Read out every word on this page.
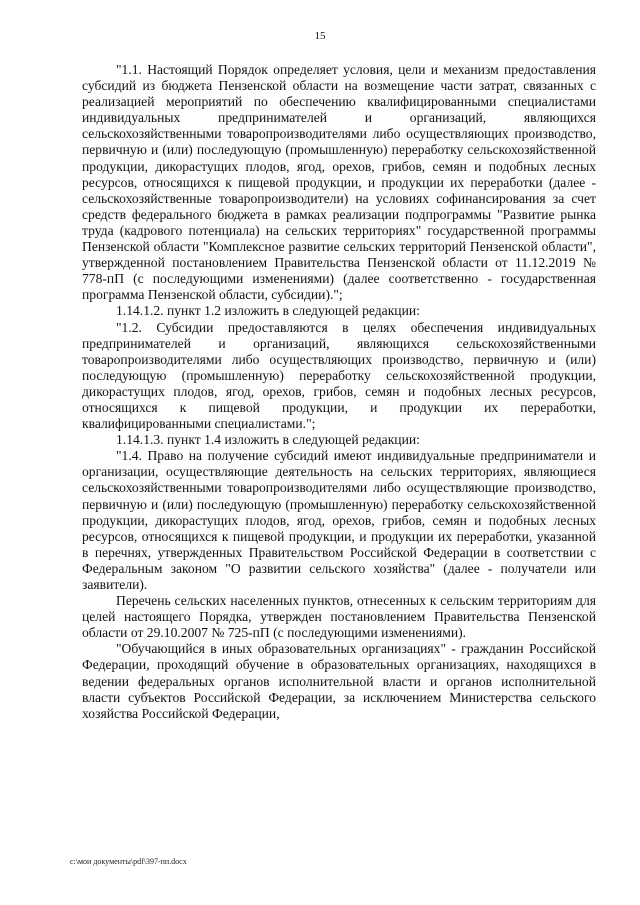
15

"1.1. Настоящий Порядок определяет условия, цели и механизм предоставления субсидий из бюджета Пензенской области на возмещение части затрат, связанных с реализацией мероприятий по обеспечению квалифицированными специалистами индивидуальных предпринимателей и организаций, являющихся сельскохозяйственными товаропроизводителями либо осуществляющих производство, первичную и (или) последующую (промышленную) переработку сельскохозяйственной продукции, дикорастущих плодов, ягод, орехов, грибов, семян и подобных лесных ресурсов, относящихся к пищевой продукции, и продукции их переработки (далее - сельскохозяйственные товаропроизводители) на условиях софинансирования за счет средств федерального бюджета в рамках реализации подпрограммы "Развитие рынка труда (кадрового потенциала) на сельских территориях" государственной программы Пензенской области "Комплексное развитие сельских территорий Пензенской области", утвержденной постановлением Правительства Пензенской области от 11.12.2019 № 778-пП (с последующими изменениями) (далее соответственно - государственная программа Пензенской области, субсидии).";

1.14.1.2. пункт 1.2 изложить в следующей редакции:

"1.2. Субсидии предоставляются в целях обеспечения индивидуальных предпринимателей и организаций, являющихся сельскохозяйственными товаропроизводителями либо осуществляющих производство, первичную и (или) последующую (промышленную) переработку сельскохозяйственной продукции, дикорастущих плодов, ягод, орехов, грибов, семян и подобных лесных ресурсов, относящихся к пищевой продукции, и продукции их переработки, квалифицированными специалистами.";

1.14.1.3. пункт 1.4 изложить в следующей редакции:

"1.4. Право на получение субсидий имеют индивидуальные предприниматели и организации, осуществляющие деятельность на сельских территориях, являющиеся сельскохозяйственными товаропроизводителями либо осуществляющие производство, первичную и (или) последующую (промышленную) переработку сельскохозяйственной продукции, дикорастущих плодов, ягод, орехов, грибов, семян и подобных лесных ресурсов, относящихся к пищевой продукции, и продукции их переработки, указанной в перечнях, утвержденных Правительством Российской Федерации в соответствии с Федеральным законом "О развитии сельского хозяйства" (далее - получатели или заявители).

Перечень сельских населенных пунктов, отнесенных к сельским территориям для целей настоящего Порядка, утвержден постановлением Правительства Пензенской области от 29.10.2007 № 725-пП (с последующими изменениями).

"Обучающийся в иных образовательных организациях" - гражданин Российской Федерации, проходящий обучение в образовательных организациях, находящихся в ведении федеральных органов исполнительной власти и органов исполнительной власти субъектов Российской Федерации, за исключением Министерства сельского хозяйства Российской Федерации,

c:\мои документы\pdf\397-пп.docx
